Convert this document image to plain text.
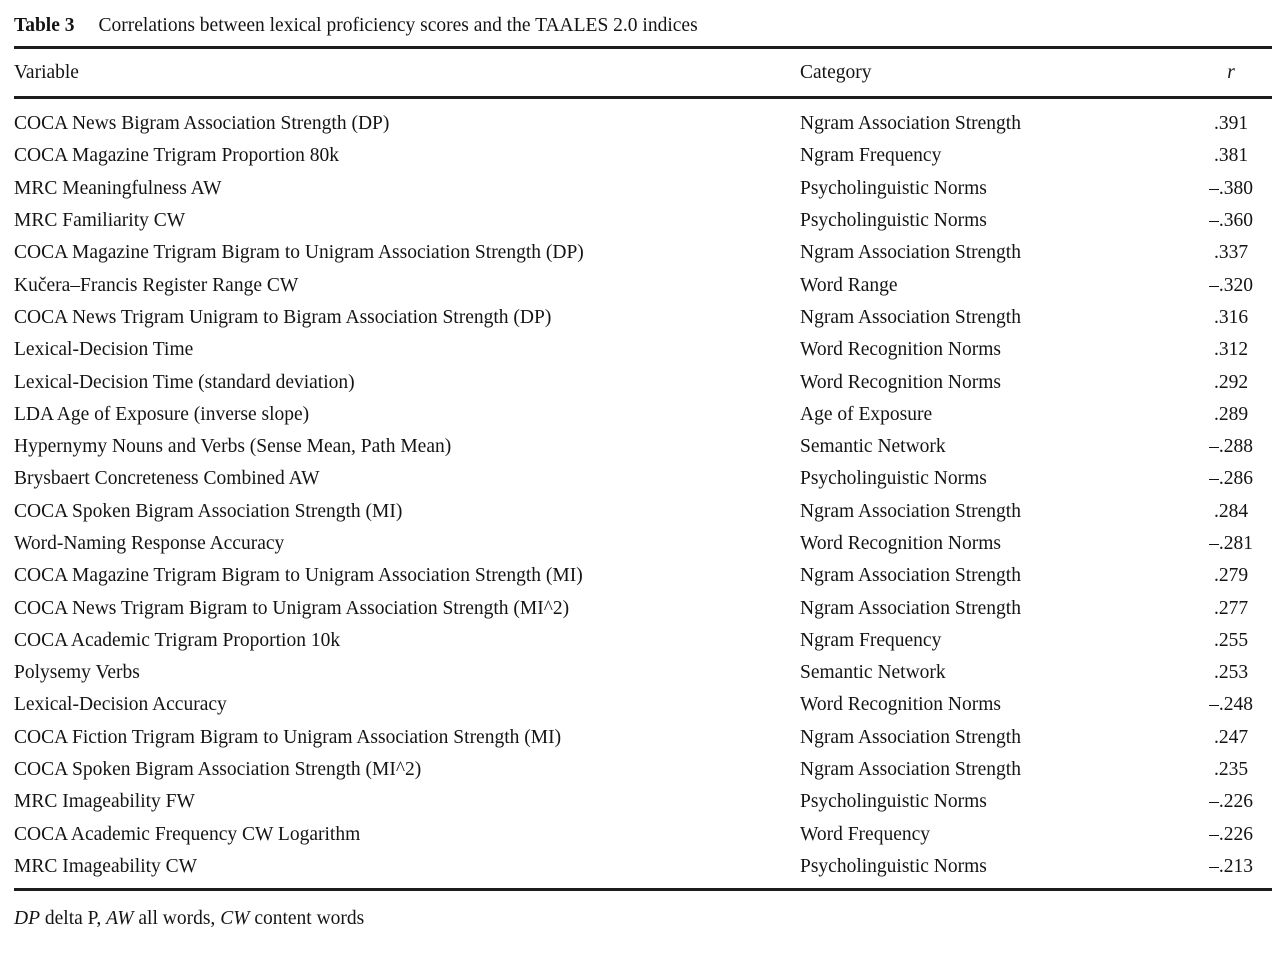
Table 3 Correlations between lexical proficiency scores and the TAALES 2.0 indices
Variable	Category	r
COCA News Bigram Association Strength (DP)	Ngram Association Strength	.391
COCA Magazine Trigram Proportion 80k	Ngram Frequency	.381
MRC Meaningfulness AW	Psycholinguistic Norms	–.380
MRC Familiarity CW	Psycholinguistic Norms	–.360
COCA Magazine Trigram Bigram to Unigram Association Strength (DP)	Ngram Association Strength	.337
Kučera–Francis Register Range CW	Word Range	–.320
COCA News Trigram Unigram to Bigram Association Strength (DP)	Ngram Association Strength	.316
Lexical-Decision Time	Word Recognition Norms	.312
Lexical-Decision Time (standard deviation)	Word Recognition Norms	.292
LDA Age of Exposure (inverse slope)	Age of Exposure	.289
Hypernymy Nouns and Verbs (Sense Mean, Path Mean)	Semantic Network	–.288
Brysbaert Concreteness Combined AW	Psycholinguistic Norms	–.286
COCA Spoken Bigram Association Strength (MI)	Ngram Association Strength	.284
Word-Naming Response Accuracy	Word Recognition Norms	–.281
COCA Magazine Trigram Bigram to Unigram Association Strength (MI)	Ngram Association Strength	.279
COCA News Trigram Bigram to Unigram Association Strength (MI^2)	Ngram Association Strength	.277
COCA Academic Trigram Proportion 10k	Ngram Frequency	.255
Polysemy Verbs	Semantic Network	.253
Lexical-Decision Accuracy	Word Recognition Norms	–.248
COCA Fiction Trigram Bigram to Unigram Association Strength (MI)	Ngram Association Strength	.247
COCA Spoken Bigram Association Strength (MI^2)	Ngram Association Strength	.235
MRC Imageability FW	Psycholinguistic Norms	–.226
COCA Academic Frequency CW Logarithm	Word Frequency	–.226
MRC Imageability CW	Psycholinguistic Norms	–.213
DP delta P, AW all words, CW content words
